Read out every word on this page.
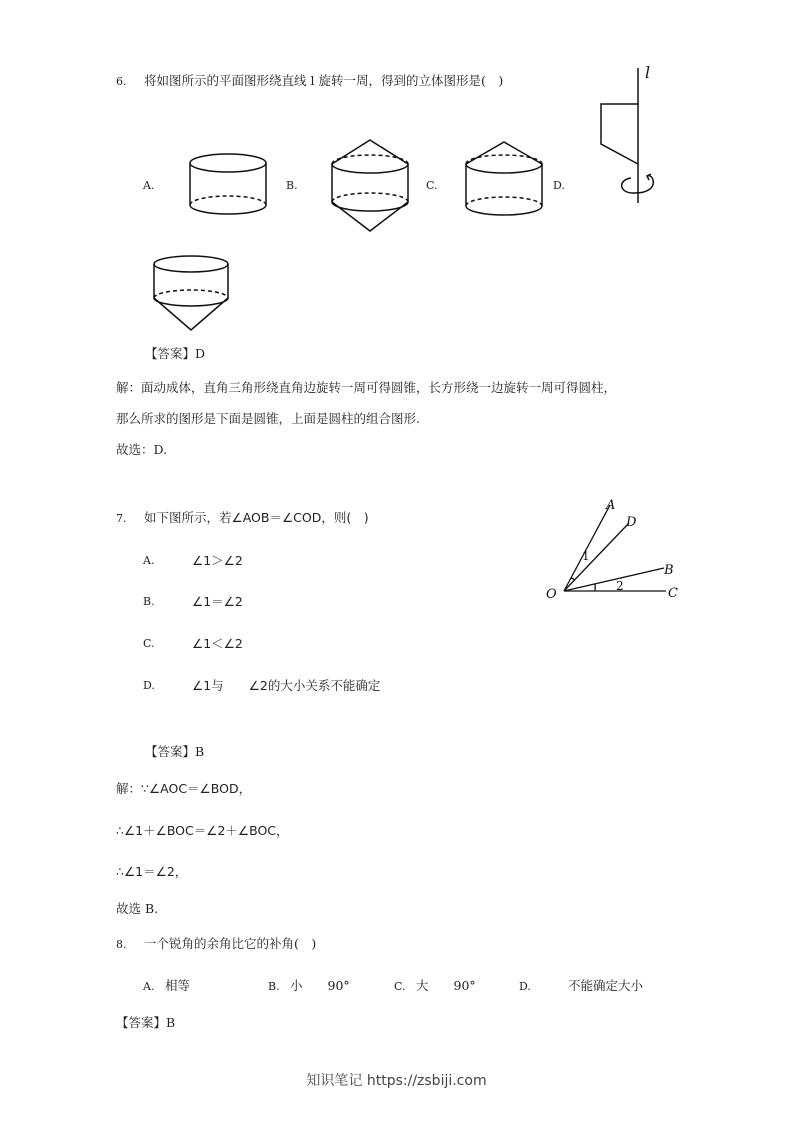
6. 将如图所示的平面图形绕直线 l 旋转一周，得到的立体图形是(　)
A.	B.	C.	D.
l
【答案】D
解：面动成体，直角三角形绕直角边旋转一周可得圆锥，长方形绕一边旋转一周可得圆柱，
那么所求的图形是下面是圆锥，上面是圆柱的组合图形.
故选：D.
7. 如下图所示，若∠AOB＝∠COD，则(　)
A.	∠1＞∠2
B.	∠1＝∠2
C.	∠1＜∠2
D.	∠1与　　∠2的大小关系不能确定
A
D
B
C
O
1
2
【答案】B
解：∵∠AOC＝∠BOD，
∴∠1＋∠BOC＝∠2＋∠BOC，
∴∠1＝∠2，
故选 B.
8. 一个锐角的余角比它的补角(　)
A. 相等	B. 小　　90°	C. 大　　90°	D.	不能确定大小
【答案】B
知识笔记 https://zsbiji.com
